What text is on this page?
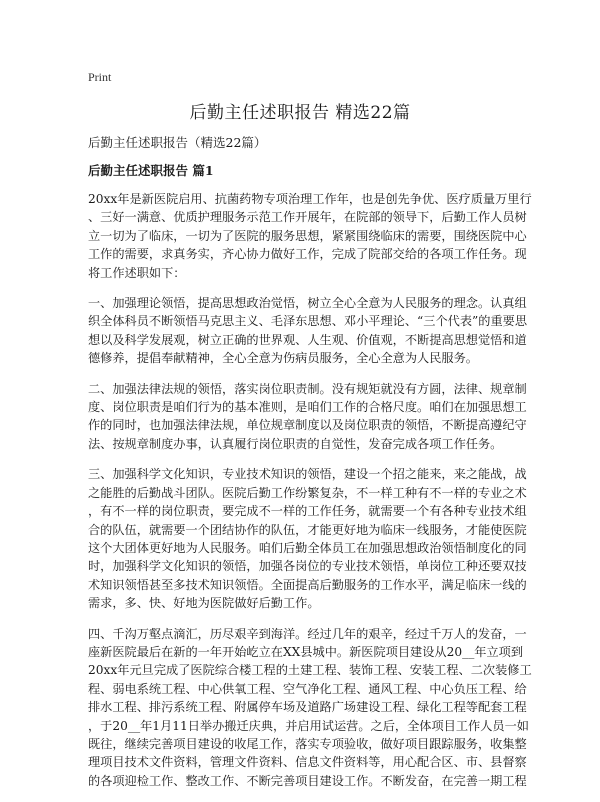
Print
后勤主任述职报告 精选22篇

后勤主任述职报告（精选22篇）

后勤主任述职报告 篇1

20xx年是新医院启用、抗菌药物专项治理工作年，也是创先争优、医疗质量万里行
、三好一满意、优质护理服务示范工作开展年，在院部的领导下，后勤工作人员树
立一切为了临床，一切为了医院的服务思想，紧紧围绕临床的需要，围绕医院中心
工作的需要，求真务实，齐心协力做好工作，完成了院部交给的各项工作任务。现
将工作述职如下：

一、加强理论领悟，提高思想政治觉悟，树立全心全意为人民服务的理念。认真组
织全体科员不断领悟马克思主义、毛泽东思想、邓小平理论、“三个代表”的重要思
想以及科学发展观，树立正确的世界观、人生观、价值观，不断提高思想觉悟和道
德修养，提倡奉献精神，全心全意为伤病员服务，全心全意为人民服务。

二、加强法律法规的领悟，落实岗位职责制。没有规矩就没有方圆，法律、规章制
度、岗位职责是咱们行为的基本准则，是咱们工作的合格尺度。咱们在加强思想工
作的同时，也加强法律法规，单位规章制度以及岗位职责的领悟，不断提高遵纪守
法、按规章制度办事，认真履行岗位职责的自觉性，发奋完成各项工作任务。

三、加强科学文化知识，专业技术知识的领悟，建设一个招之能来，来之能战，战
之能胜的后勤战斗团队。医院后勤工作纷繁复杂，不一样工种有不一样的专业之术
，有不一样的岗位职责，要完成不一样的工作任务，就需要一个有各种专业技术组
合的队伍，就需要一个团结协作的队伍，才能更好地为临床一线服务，才能使医院
这个大团体更好地为人民服务。咱们后勤全体员工在加强思想政治领悟制度化的同
时，加强科学文化知识的领悟，加强各岗位的专业技术领悟，单岗位工种还要双技
术知识领悟甚至多技术知识领悟。全面提高后勤服务的工作水平，满足临床一线的
需求，多、快、好地为医院做好后勤工作。

四、千沟万壑点滴汇，历尽艰辛到海洋。经过几年的艰辛，经过千万人的发奋，一
座新医院最后在新的一年开始屹立在XX县城中。新医院项目建设从20__年立项到
20xx年元旦完成了医院综合楼工程的土建工程、装饰工程、安装工程、二次装修工
程、弱电系统工程、中心供氧工程、空气净化工程、通风工程、中心负压工程、给
排水工程、排污系统工程、附属停车场及道路广场建设工程、绿化工程等配套工程
，于20__年1月11日举办搬迁庆典，并启用试运营。之后，全体项目工作人员一如
既往，继续完善项目建设的收尾工作，落实专项验收，做好项目跟踪服务，收集整
理项目技术文件资料，管理文件资料、信息文件资料等，用心配合区、市、县督察
的各项迎检工作、整改工作、不断完善项目建设工作。不断发奋，在完善一期工程
